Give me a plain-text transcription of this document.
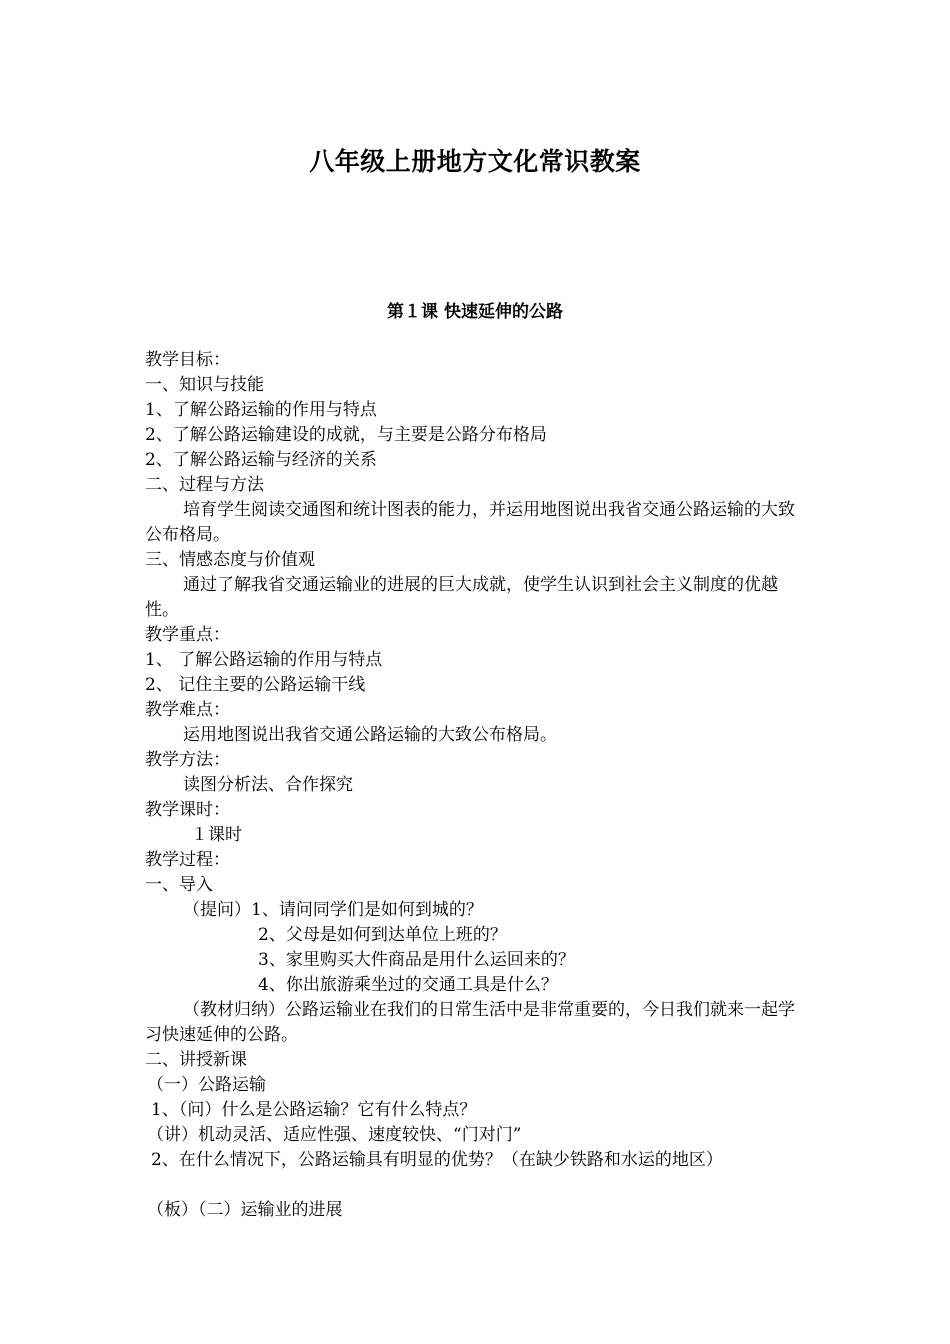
八年级上册地方文化常识教案
第１课 快速延伸的公路
教学目标：
一、知识与技能
1、了解公路运输的作用与特点
2、了解公路运输建设的成就，与主要是公路分布格局
2、了解公路运输与经济的关系
二、过程与方法
培育学生阅读交通图和统计图表的能力，并运用地图说出我省交通公路运输的大致公布格局。
三、情感态度与价值观
通过了解我省交通运输业的进展的巨大成就，使学生认识到社会主义制度的优越性。
教学重点：
1、 了解公路运输的作用与特点
2、 记住主要的公路运输干线
教学难点：
运用地图说出我省交通公路运输的大致公布格局。
教学方法：
读图分析法、合作探究
教学课时：
１课时
教学过程：
一、导入
（提问）1、请问同学们是如何到城的？
2、父母是如何到达单位上班的？
3、家里购买大件商品是用什么运回来的？
4、你出旅游乘坐过的交通工具是什么？
（教材归纳）公路运输业在我们的日常生活中是非常重要的，今日我们就来一起学习快速延伸的公路。
二、讲授新课
（一）公路运输
1、（问）什么是公路运输？它有什么特点？
（讲）机动灵活、适应性强、速度较快、“门对门”
2、在什么情况下，公路运输具有明显的优势？（在缺少铁路和水运的地区）
（板）（二）运输业的进展
